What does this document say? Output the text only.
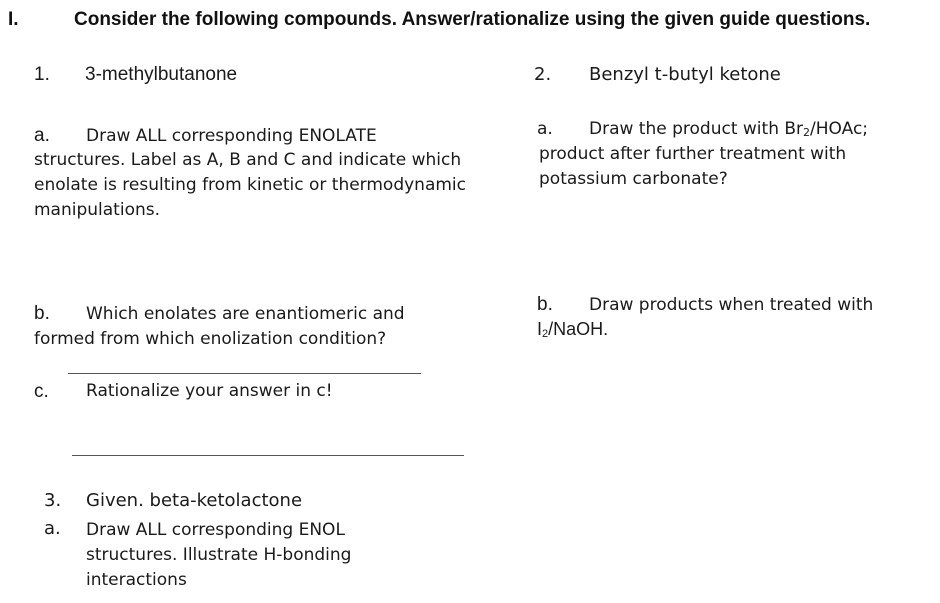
I.	Consider the following compounds. Answer/rationalize using the given guide questions.
1. 3-methylbutanone
a. Draw ALL corresponding ENOLATE
structures. Label as A, B and C and indicate which enolate is resulting from kinetic or thermodynamic manipulations.
b. Which enolates are enantiomeric and
formed from which enolization condition?
c. Rationalize your answer in c!
3. Given. beta-ketolactone
a. Draw ALL corresponding ENOL structures. Illustrate H-bonding interactions
2. Benzyl t-butyl ketone
a. Draw the product with $Br_2$/HOAc;
product after further treatment with potassium carbonate?
b. Draw products when treated with
$I_2$/NaOH.
